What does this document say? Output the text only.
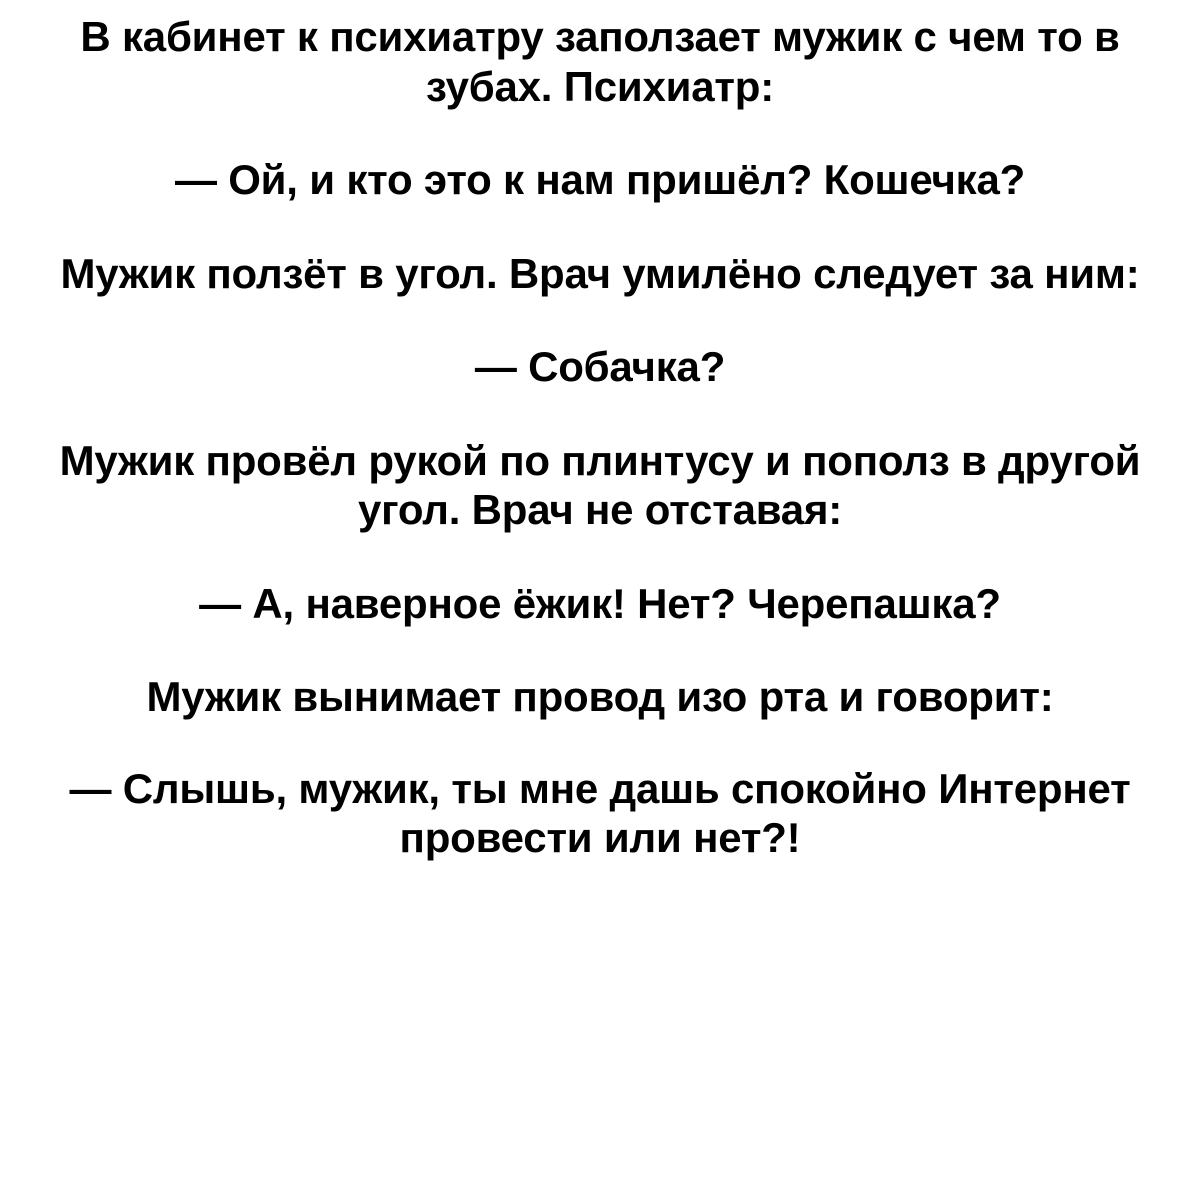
В кабинет к психиатру заползает мужик с чем то в зубах. Психиатр:

— Ой, и кто это к нам пришёл? Кошечка?

Мужик ползёт в угол. Врач умилёно следует за ним:

— Собачка?

Мужик провёл рукой по плинтусу и пополз в другой угол. Врач не отставая:

— А, наверное ёжик! Нет? Черепашка?

Мужик вынимает провод изо рта и говорит:

— Слышь, мужик, ты мне дашь спокойно Интернет провести или нет?!
